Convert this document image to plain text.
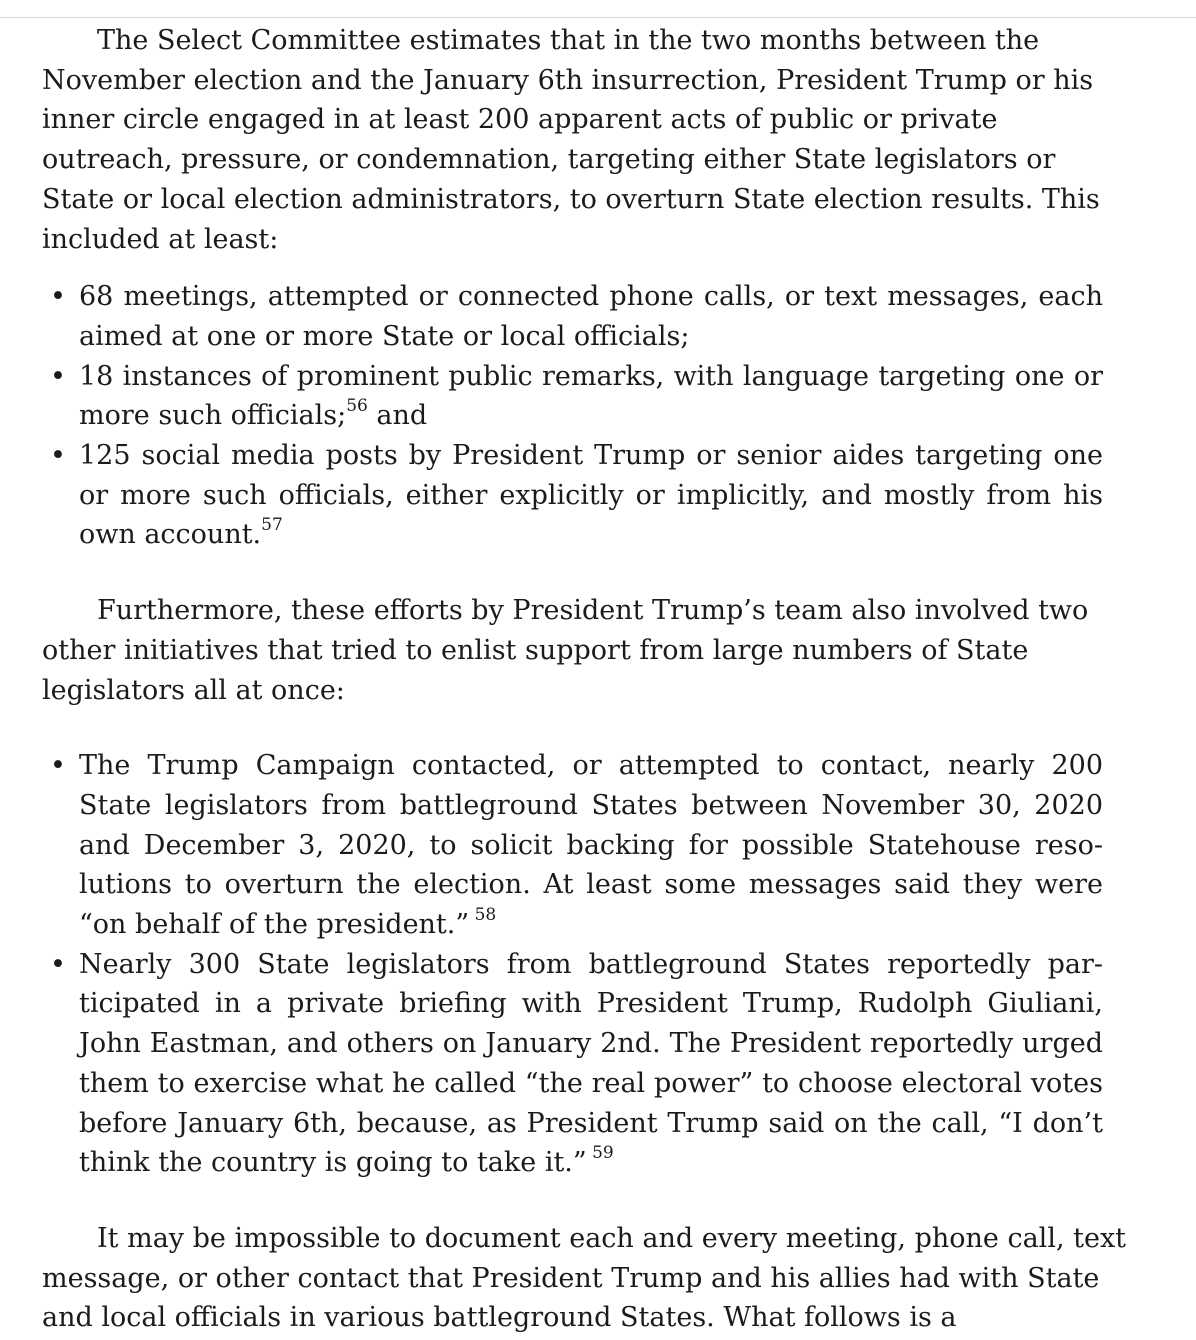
The Select Committee estimates that in the two months between the November election and the January 6th insurrection, President Trump or his inner circle engaged in at least 200 apparent acts of public or private outreach, pressure, or condemnation, targeting either State legislators or State or local election administrators, to overturn State election results. This included at least:

• 68 meetings, attempted or connected phone calls, or text messages, each aimed at one or more State or local officials;
• 18 instances of prominent public remarks, with language targeting one or more such officials;$^{56}$ and
• 125 social media posts by President Trump or senior aides targeting one or more such officials, either explicitly or implicitly, and mostly from his own account.$^{57}$

Furthermore, these efforts by President Trump’s team also involved two other initiatives that tried to enlist support from large numbers of State legislators all at once:

• The Trump Campaign contacted, or attempted to contact, nearly 200 State legislators from battleground States between November 30, 2020 and December 3, 2020, to solicit backing for possible Statehouse resolutions to overturn the election. At least some messages said they were “on behalf of the president.”  $^{58}$
• Nearly 300 State legislators from battleground States reportedly participated in a private briefing with President Trump, Rudolph Giuliani, John Eastman, and others on January 2nd. The President reportedly urged them to exercise what he called “the real power” to choose electoral votes before January 6th, because, as President Trump said on the call, “I don’t think the country is going to take it.”  $^{59}$

It may be impossible to document each and every meeting, phone call, text message, or other contact that President Trump and his allies had with State and local officials in various battleground States. What follows is a
